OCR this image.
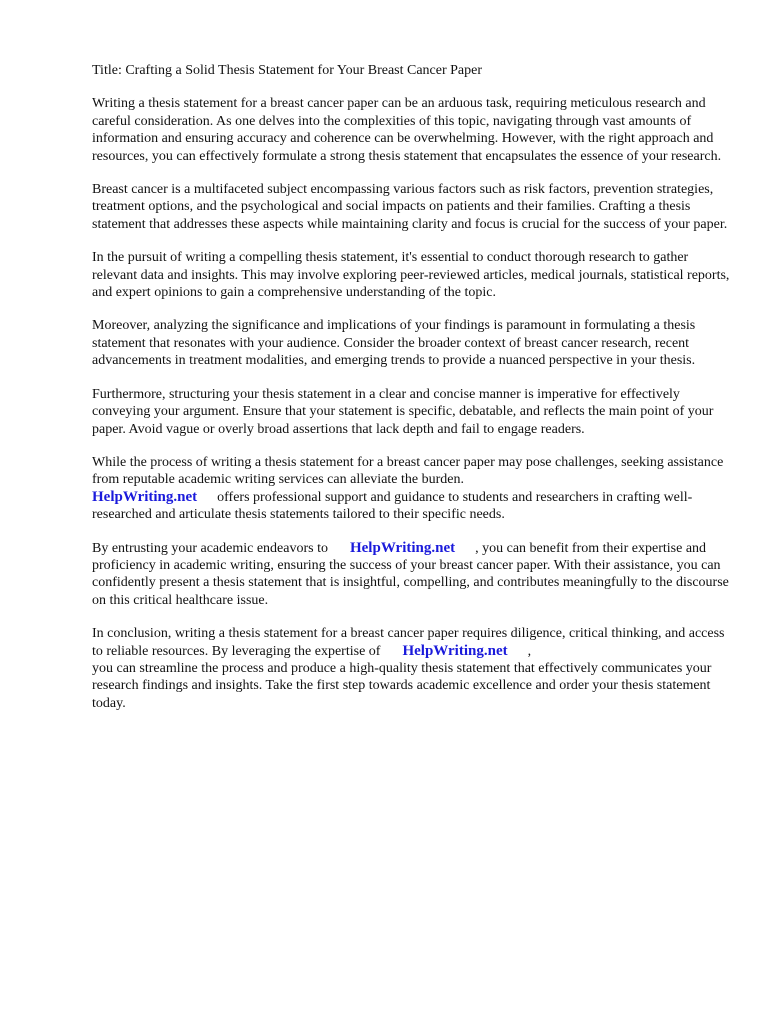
Title: Crafting a Solid Thesis Statement for Your Breast Cancer Paper

Writing a thesis statement for a breast cancer paper can be an arduous task, requiring meticulous research and careful consideration. As one delves into the complexities of this topic, navigating through vast amounts of information and ensuring accuracy and coherence can be overwhelming. However, with the right approach and resources, you can effectively formulate a strong thesis statement that encapsulates the essence of your research.

Breast cancer is a multifaceted subject encompassing various factors such as risk factors, prevention strategies, treatment options, and the psychological and social impacts on patients and their families. Crafting a thesis statement that addresses these aspects while maintaining clarity and focus is crucial for the success of your paper.

In the pursuit of writing a compelling thesis statement, it's essential to conduct thorough research to gather relevant data and insights. This may involve exploring peer-reviewed articles, medical journals, statistical reports, and expert opinions to gain a comprehensive understanding of the topic.

Moreover, analyzing the significance and implications of your findings is paramount in formulating a thesis statement that resonates with your audience. Consider the broader context of breast cancer research, recent advancements in treatment modalities, and emerging trends to provide a nuanced perspective in your thesis.

Furthermore, structuring your thesis statement in a clear and concise manner is imperative for effectively conveying your argument. Ensure that your statement is specific, debatable, and reflects the main point of your paper. Avoid vague or overly broad assertions that lack depth and fail to engage readers.

While the process of writing a thesis statement for a breast cancer paper may pose challenges, seeking assistance from reputable academic writing services can alleviate the burden.
HelpWriting.net offers professional support and guidance to students and researchers in crafting well-researched and articulate thesis statements tailored to their specific needs.

By entrusting your academic endeavors to HelpWriting.net , you can benefit from their expertise and proficiency in academic writing, ensuring the success of your breast cancer paper. With their assistance, you can confidently present a thesis statement that is insightful, compelling, and contributes meaningfully to the discourse on this critical healthcare issue.

In conclusion, writing a thesis statement for a breast cancer paper requires diligence, critical thinking, and access to reliable resources. By leveraging the expertise of HelpWriting.net ,
you can streamline the process and produce a high-quality thesis statement that effectively communicates your research findings and insights. Take the first step towards academic excellence and order your thesis statement today.
